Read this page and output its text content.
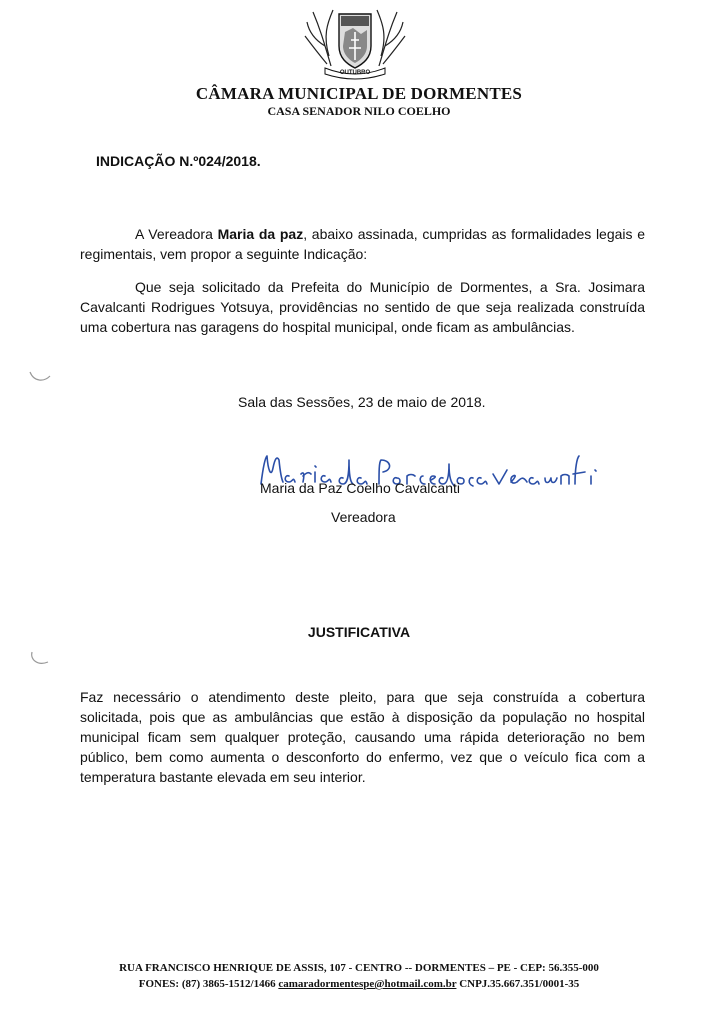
OUTUBRO
CÂMARA MUNICIPAL DE DORMENTES
CASA SENADOR NILO COELHO
INDICAÇÃO N.º024/2018.
A Vereadora Maria da paz, abaixo assinada, cumpridas as formalidades legais e regimentais, vem propor a seguinte Indicação:
Que seja solicitado da Prefeita do Município de Dormentes, a Sra. Josimara Cavalcanti Rodrigues Yotsuya, providências no sentido de que seja realizada construída uma cobertura nas garagens do hospital municipal, onde ficam as ambulâncias.
Sala das Sessões, 23 de maio de 2018.
Maria da Paz Coelho Cavalcanti
Vereadora
JUSTIFICATIVA
Faz necessário o atendimento deste pleito, para que seja construída a cobertura solicitada, pois que as ambulâncias que estão à disposição da população no hospital municipal ficam sem qualquer proteção, causando uma rápida deterioração no bem público, bem como aumenta o desconforto do enfermo, vez que o veículo fica com a temperatura bastante elevada em seu interior.
RUA FRANCISCO HENRIQUE DE ASSIS, 107 - CENTRO -- DORMENTES – PE - CEP: 56.355-000
FONES: (87) 3865-1512/1466 camaradormentespe@hotmail.com.br CNPJ.35.667.351/0001-35
